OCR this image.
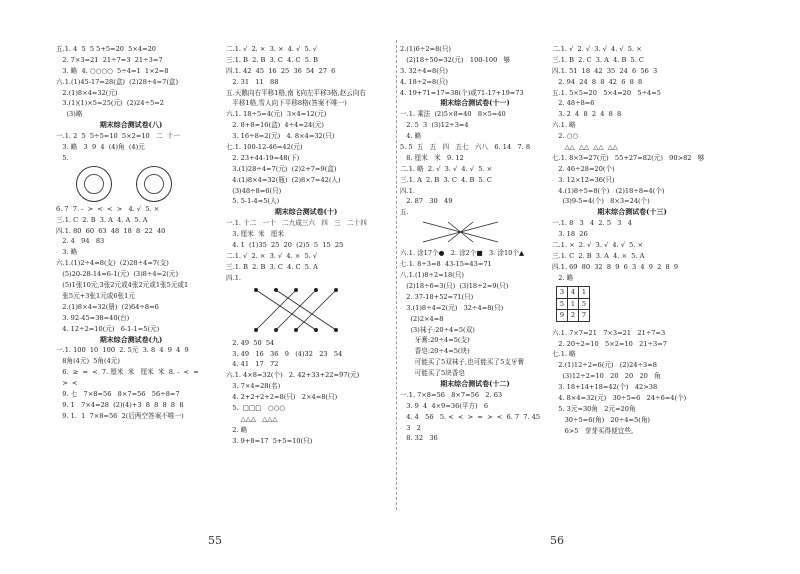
五.1. 4  5  5 5+5=20  5×4=20
2. 7×3=21  21÷7=3  21÷3=7
3. 略  4. ○○○○  5÷4=1  1×2=8
六.1.(1)45-17=28(盒)  (2)28÷4=7(盒)
2.(1)8×4=32(元)
3.(1)(1)×5=25(元)  (2)24÷5=2
(3)略
期末综合测试卷(八)
一.1. 2  5  5÷5=10  5×2=10   二  十一
3. 略   3  9  4  (4)角  (4)元
5.
6. 7  7. -  >  <  <  >   4. √  5. ×
三.1. C  2. B  3. A  4. A  5. A
四.1. 80  60  63  48  18  8  22  40
2. 4   94   83
3. 略
六.1.(1)2÷4=8(支)  (2)28÷4=7(支)
(5)20-28-14=6-1(元)  (3)8÷4=2(元)
(5)1张10元,3张2元或4张2元或1张5元或1
张5元+3张1元或6张1元
2.(1)8×4=32(册)  (2)64÷8=6
3. 92-45=38=40(台)
4. 12÷2=10(元)   6-1-1=5(元)
期末综合测试卷(九)
一.1. 100  10  100  2. 5元  3. 8  4  9  4  9
8角(4元)  5角(4元)
6.  ≥  =  <  7. 厘米  米   厘米  米  8. -  <  =
>  <
9. 七   7×8=56   8×7=56   56÷8=7
9. 1   7×4=28  (2)(4)+3  8  8  8  8  8
9. 1.  1  7×8=56  2(后两空答案不唯一)
二.1. √  2. ×  3. ×  4. √  5. √
三.1. B  2. B  3. C  4. C  5. B
四.1. 42  45  16  25  36  54  27  6
2. 31   11   88
五.天鹅向右平移1格,南飞向左平移3格,赵云向右
平移1格,雪人向下平移8格(答案不唯一)
六.1. 18÷5=4(元)  3×4=12(元)
2. 8+8=16(盒)  4÷4=24(元)
3. 16÷8=2(元)   4. 8×4=32(只)
七.1. 100-12-46=42(元)
2. 23+44-19=48(下)
3.(1)28÷4=7(元)  (2)2+7=9(盒)
4.(1)8×4=32(瓶)  (2)8×7=42(人)
(3)48÷8=6(只)
5. 5-1-4=5(人)
期末综合测试卷(十)
一.1. 十二   一十   二九成三六   四   三   二十四
3. 厘米  米   厘米
4. 1  (1)35  25  20  (2)5  5  15  25
二.1. √  2. ×  3. √  4. ×  5. √
三.1. B  2. B  3. C  4. C  5. A
四.1.
2. 49  50  54
3. 49   16   36   9   (4)32   23   54
4. 41   17   72
六.1. 4×8=32(个)   2. 42+33+22=97(元)
3. 7×4=28(名)
4. 2+2+2+2=8(只)   2×4=8(只)
5.  □□□   ○○○
△△△   △△△
2. 略
3. 9+8=17  5+5=10(只)
55
2.(1)6÷2=8(只)
(2)18÷50=32(元)   100-100   够
3. 32÷4=8(只)
4. 18÷2=8(只)
4. 19+71=17=38(个)或71-17+19=73
期末综合测试卷(十一)
一.1. 乘法  (2)5×8=40   8×5=40
2. 5  3  (3)12÷3=4
4. 略
5. 5  五   五   四   五七   六八   6. 14   7. 8
8. 厘米   米   9. 12
二.1. 略  2. √  3. √  4. √  5. ×
三.1. A  2. B  3. C  4. B  5. C
四.1.
2. 87   30   49
五.
六.1. 涂17个●   2. 涂2个■   3. 涂10个▲
七.1. 8÷3=8  43-15=43=71
八.1.(1)8÷2=18(只)
(2)18÷6=3(只)  (3)18÷2=9(只)
2. 37-18+52=71(只)
3.(1)8÷4=2(元)   32÷4=8(只)
(2)2×4=8
(3)袜子:20÷4=5(双)
牙膏:20÷4=5(支)
香皂:20÷4=5(块)
可能买了5双袜子,也可能买了5支牙膏
可能买了5块香皂
期末综合测试卷(十二)
一.1. 7×8=56   8×7=56   2. 63
3. 9  4  4×9=36(平方)   6
4. 4   56   5. <  <  >  =  >  <  6. 7  7. 45
3   2
8. 32   36
二.1. √  2. √  3. √  4. √  5. ×
三.1. B  2. C  3. A  4. B  5. C
四.1. 51  18  42  35  24  6  56  3
2. 94  24  8  8  42  6  8  8
五.1. 5×5=20   5×4=20   5÷4=5
2. 48÷8=6
3. 2  4  8  2  4  8  8
六.1. 略
2. ○○
△△  △△  △△  △△
七.1. 8×3=27(元)   55+27=82(元)   90>82   够
2. 46÷28=20(个)
3. 12×12=36(只)
4.(1)8÷5=8(个)   (2)18÷8=4(个)
(3)9-5=4(个)   8×3=24(个)
期末综合测试卷(十三)
一.1. 8   3   4  2. 5   3   4
3. 18  26
二.1. ×  2. √  3. √  4. √  5. ×
三.1. C  2. B  3. A  4. ×  5. A
四.1. 69  80  32  8  9  6  3  4  9  2  8  9
2. 略
3	4	1
5	1	5
9	2	7
六.1. 7×7=21   7×3=21   21÷7=3
2. 20÷2=10   5×2=10   21÷3=7
七.1. 略
2.(1)12÷2=6(元)   (2)24÷3=8
(3)12÷2=10   20   20   20   角
3. 18+14+18=42(个)   42>38
4. 8×4=32(元)   30÷5=6   24÷6=4(个)
5. 3元=30角   2元=20角
30÷5=6(角)   20÷4=5(角)
6>5   芽芽买得便宜些。
56
